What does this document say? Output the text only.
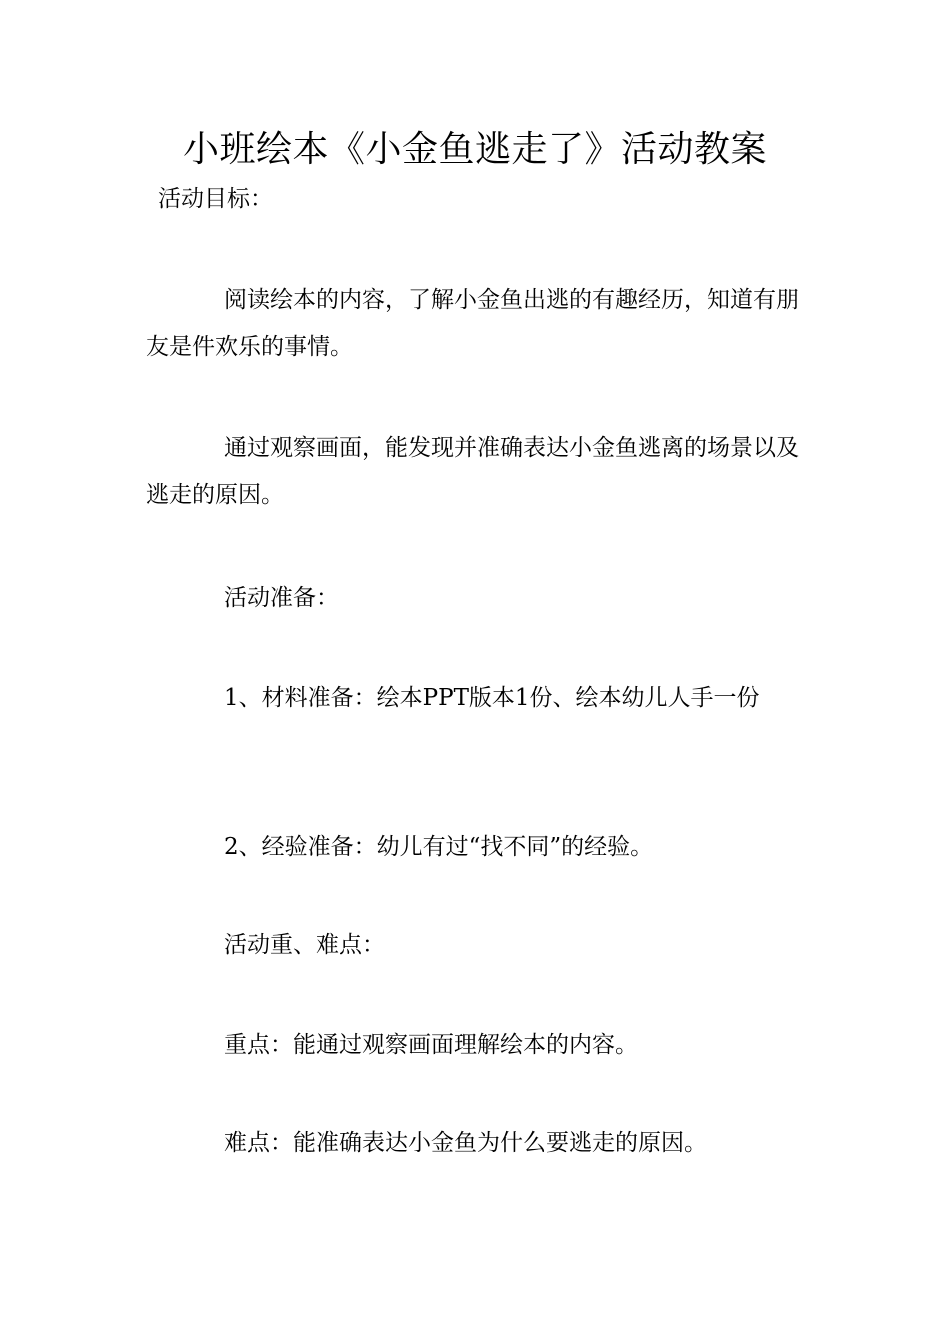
小班绘本《小金鱼逃走了》活动教案

活动目标：

阅读绘本的内容，了解小金鱼出逃的有趣经历，知道有朋友是件欢乐的事情。

通过观察画面，能发现并准确表达小金鱼逃离的场景以及逃走的原因。

活动准备：

1、材料准备：绘本PPT版本1份、绘本幼儿人手一份

2、经验准备：幼儿有过“找不同”的经验。

活动重、难点：

重点：能通过观察画面理解绘本的内容。

难点：能准确表达小金鱼为什么要逃走的原因。
